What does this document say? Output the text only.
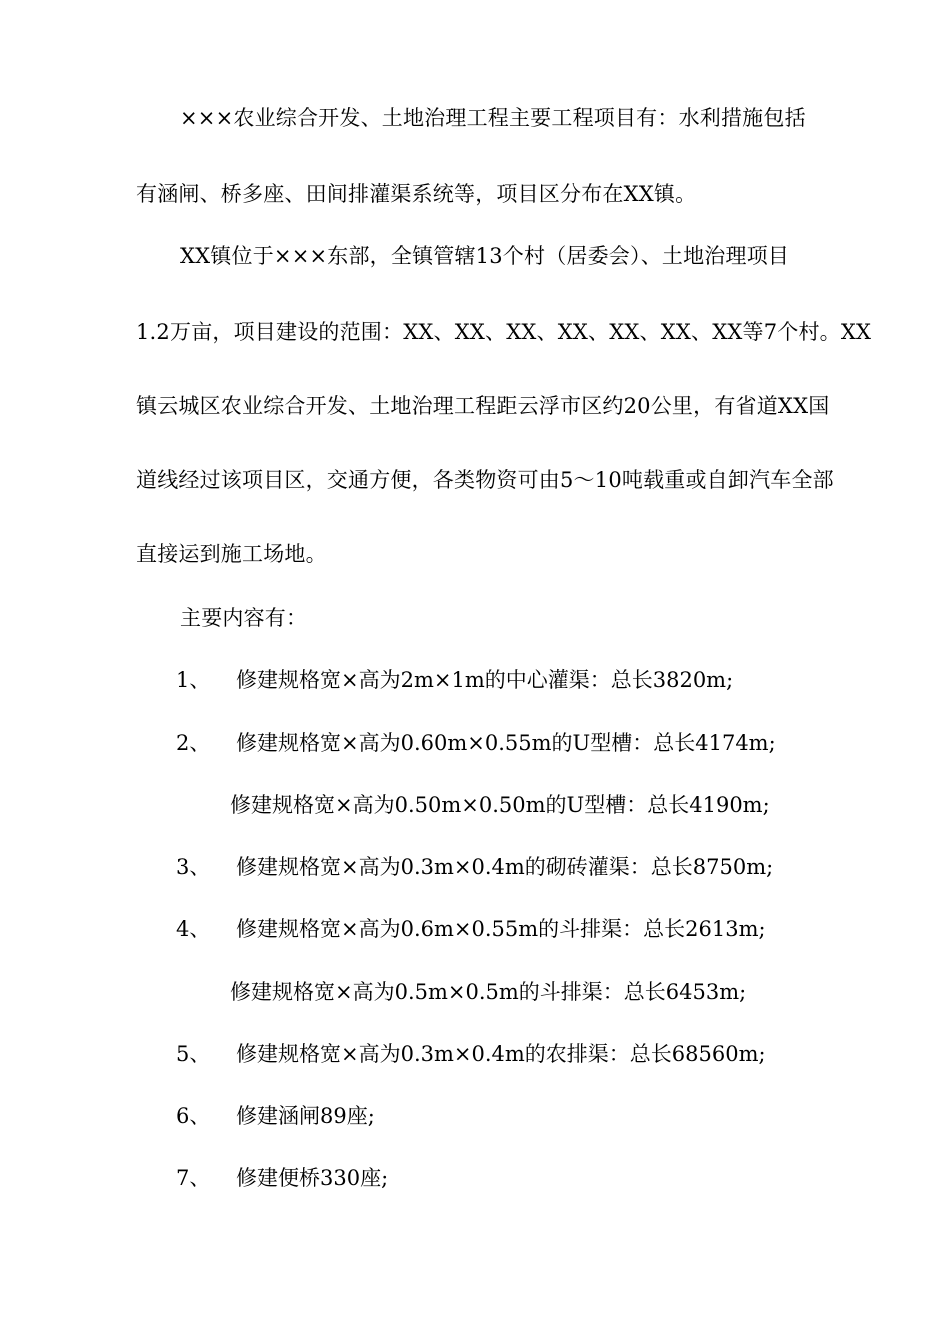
×××农业综合开发、土地治理工程主要工程项目有：水利措施包括
有涵闸、桥多座、田间排灌渠系统等，项目区分布在XX镇。
XX镇位于×××东部，全镇管辖13个村（居委会）、土地治理项目
1.2万亩，项目建设的范围：XX、XX、XX、XX、XX、XX、XX等7个村。XX
镇云城区农业综合开发、土地治理工程距云浮市区约20公里，有省道XX国
道线经过该项目区，交通方便，各类物资可由5～10吨载重或自卸汽车全部
直接运到施工场地。
主要内容有：
1、 修建规格宽×高为2m×1m的中心灌渠：总长3820m;
2、 修建规格宽×高为0.60m×0.55m的U型槽：总长4174m;
修建规格宽×高为0.50m×0.50m的U型槽：总长4190m;
3、 修建规格宽×高为0.3m×0.4m的砌砖灌渠：总长8750m;
4、 修建规格宽×高为0.6m×0.55m的斗排渠：总长2613m;
修建规格宽×高为0.5m×0.5m的斗排渠：总长6453m;
5、 修建规格宽×高为0.3m×0.4m的农排渠：总长68560m;
6、 修建涵闸89座;
7、 修建便桥330座;
